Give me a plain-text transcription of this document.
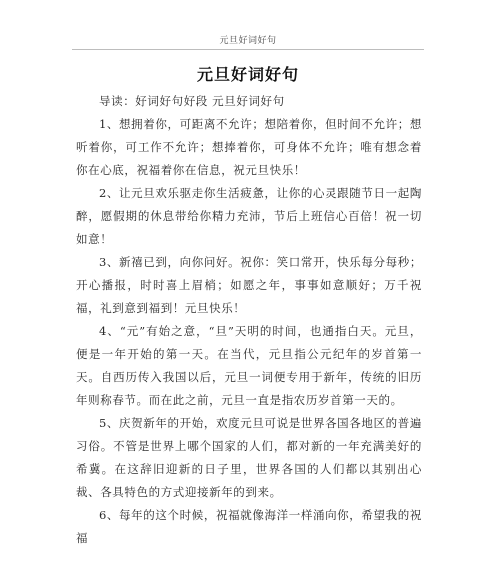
元旦好词好句
元旦好词好句

导读：好词好句好段 元旦好词好句

1、想拥着你，可距离不允许；想陪着你，但时间不允许；想听着你，可工作不允许；想捧着你，可身体不允许；唯有想念着你在心底，祝福着你在信息，祝元旦快乐！

2、让元旦欢乐驱走你生活疲惫，让你的心灵跟随节日一起陶醉，愿假期的休息带给你精力充沛，节后上班信心百倍！祝一切如意！

3、新禧已到，向你问好。祝你：笑口常开，快乐每分每秒；开心播报，时时喜上眉梢；如愿之年，事事如意顺好；万千祝福，礼到意到福到！元旦快乐！

4、“元”有始之意，“旦”天明的时间，也通指白天。元旦，便是一年开始的第一天。在当代，元旦指公元纪年的岁首第一天。自西历传入我国以后，元旦一词便专用于新年，传统的旧历年则称春节。而在此之前，元旦一直是指农历岁首第一天的。

5、庆贺新年的开始，欢度元旦可说是世界各国各地区的普遍习俗。不管是世界上哪个国家的人们，都对新的一年充满美好的希冀。在这辞旧迎新的日子里，世界各国的人们都以其别出心裁、各具特色的方式迎接新年的到来。

6、每年的这个时候，祝福就像海洋一样涌向你，希望我的祝福
